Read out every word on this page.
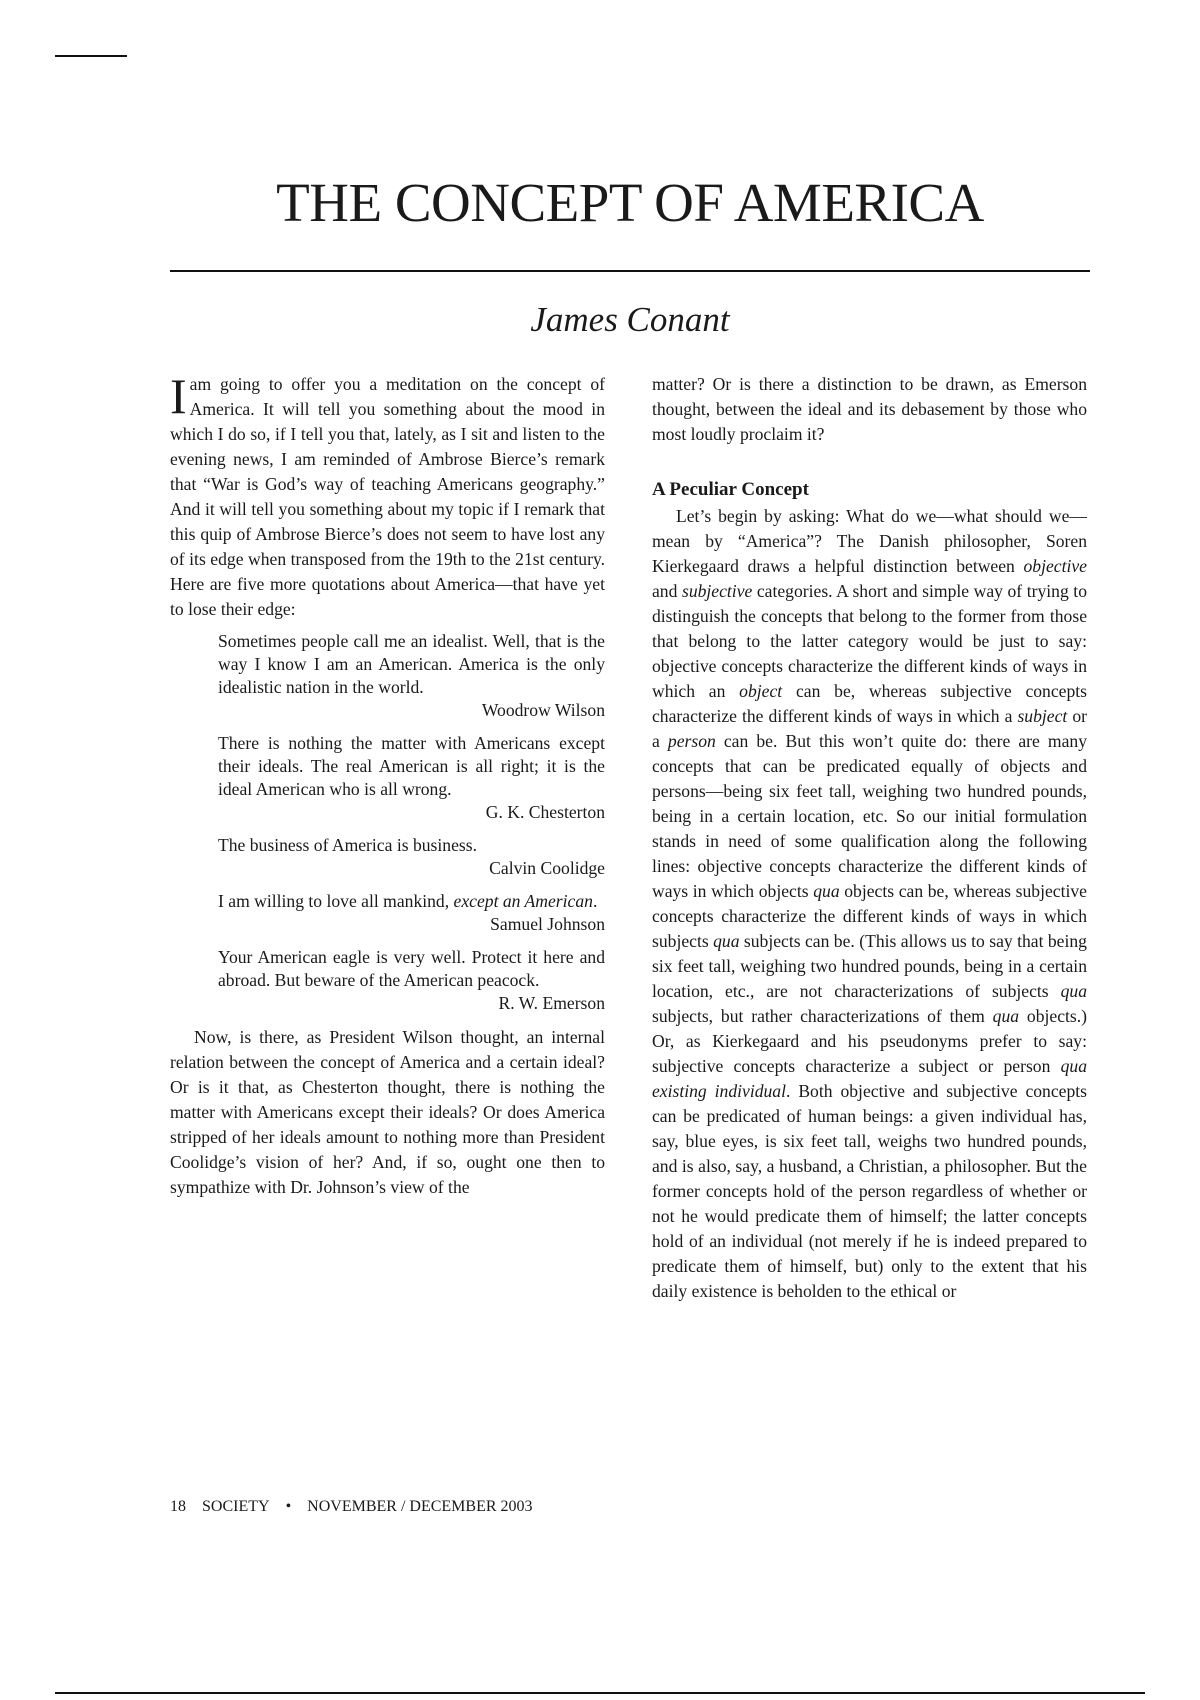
THE CONCEPT OF AMERICA
James Conant

I am going to offer you a meditation on the concept of America. It will tell you something about the mood in which I do so, if I tell you that, lately, as I sit and listen to the evening news, I am reminded of Ambrose Bierce’s remark that “War is God’s way of teaching Americans geography.” And it will tell you something about my topic if I remark that this quip of Ambrose Bierce’s does not seem to have lost any of its edge when transposed from the 19th to the 21st century. Here are five more quotations about America—that have yet to lose their edge:

Sometimes people call me an idealist. Well, that is the way I know I am an American. America is the only idealistic nation in the world.
Woodrow Wilson
There is nothing the matter with Americans except their ideals. The real American is all right; it is the ideal American who is all wrong.
G. K. Chesterton
The business of America is business.
Calvin Coolidge
I am willing to love all mankind, except an American.
Samuel Johnson
Your American eagle is very well. Protect it here and abroad. But beware of the American peacock.
R. W. Emerson

Now, is there, as President Wilson thought, an internal relation between the concept of America and a certain ideal? Or is it that, as Chesterton thought, there is nothing the matter with Americans except their ideals? Or does America stripped of her ideals amount to nothing more than President Coolidge’s vision of her? And, if so, ought one then to sympathize with Dr. Johnson’s view of the

matter? Or is there a distinction to be drawn, as Emerson thought, between the ideal and its debasement by those who most loudly proclaim it?

A Peculiar Concept

Let’s begin by asking: What do we—what should we—mean by “America”? The Danish philosopher, Soren Kierkegaard draws a helpful distinction between objective and subjective categories. A short and simple way of trying to distinguish the concepts that belong to the former from those that belong to the latter category would be just to say: objective concepts characterize the different kinds of ways in which an object can be, whereas subjective concepts characterize the different kinds of ways in which a subject or a person can be. But this won’t quite do: there are many concepts that can be predicated equally of objects and persons—being six feet tall, weighing two hundred pounds, being in a certain location, etc. So our initial formulation stands in need of some qualification along the following lines: objective concepts characterize the different kinds of ways in which objects qua objects can be, whereas subjective concepts characterize the different kinds of ways in which subjects qua subjects can be. (This allows us to say that being six feet tall, weighing two hundred pounds, being in a certain location, etc., are not characterizations of subjects qua subjects, but rather characterizations of them qua objects.) Or, as Kierkegaard and his pseudonyms prefer to say: subjective concepts characterize a subject or person qua existing individual. Both objective and subjective concepts can be predicated of human beings: a given individual has, say, blue eyes, is six feet tall, weighs two hundred pounds, and is also, say, a husband, a Christian, a philosopher. But the former concepts hold of the person regardless of whether or not he would predicate them of himself; the latter concepts hold of an individual (not merely if he is indeed prepared to predicate them of himself, but) only to the extent that his daily existence is beholden to the ethical or

18 SOCIETY • NOVEMBER / DECEMBER 2003
